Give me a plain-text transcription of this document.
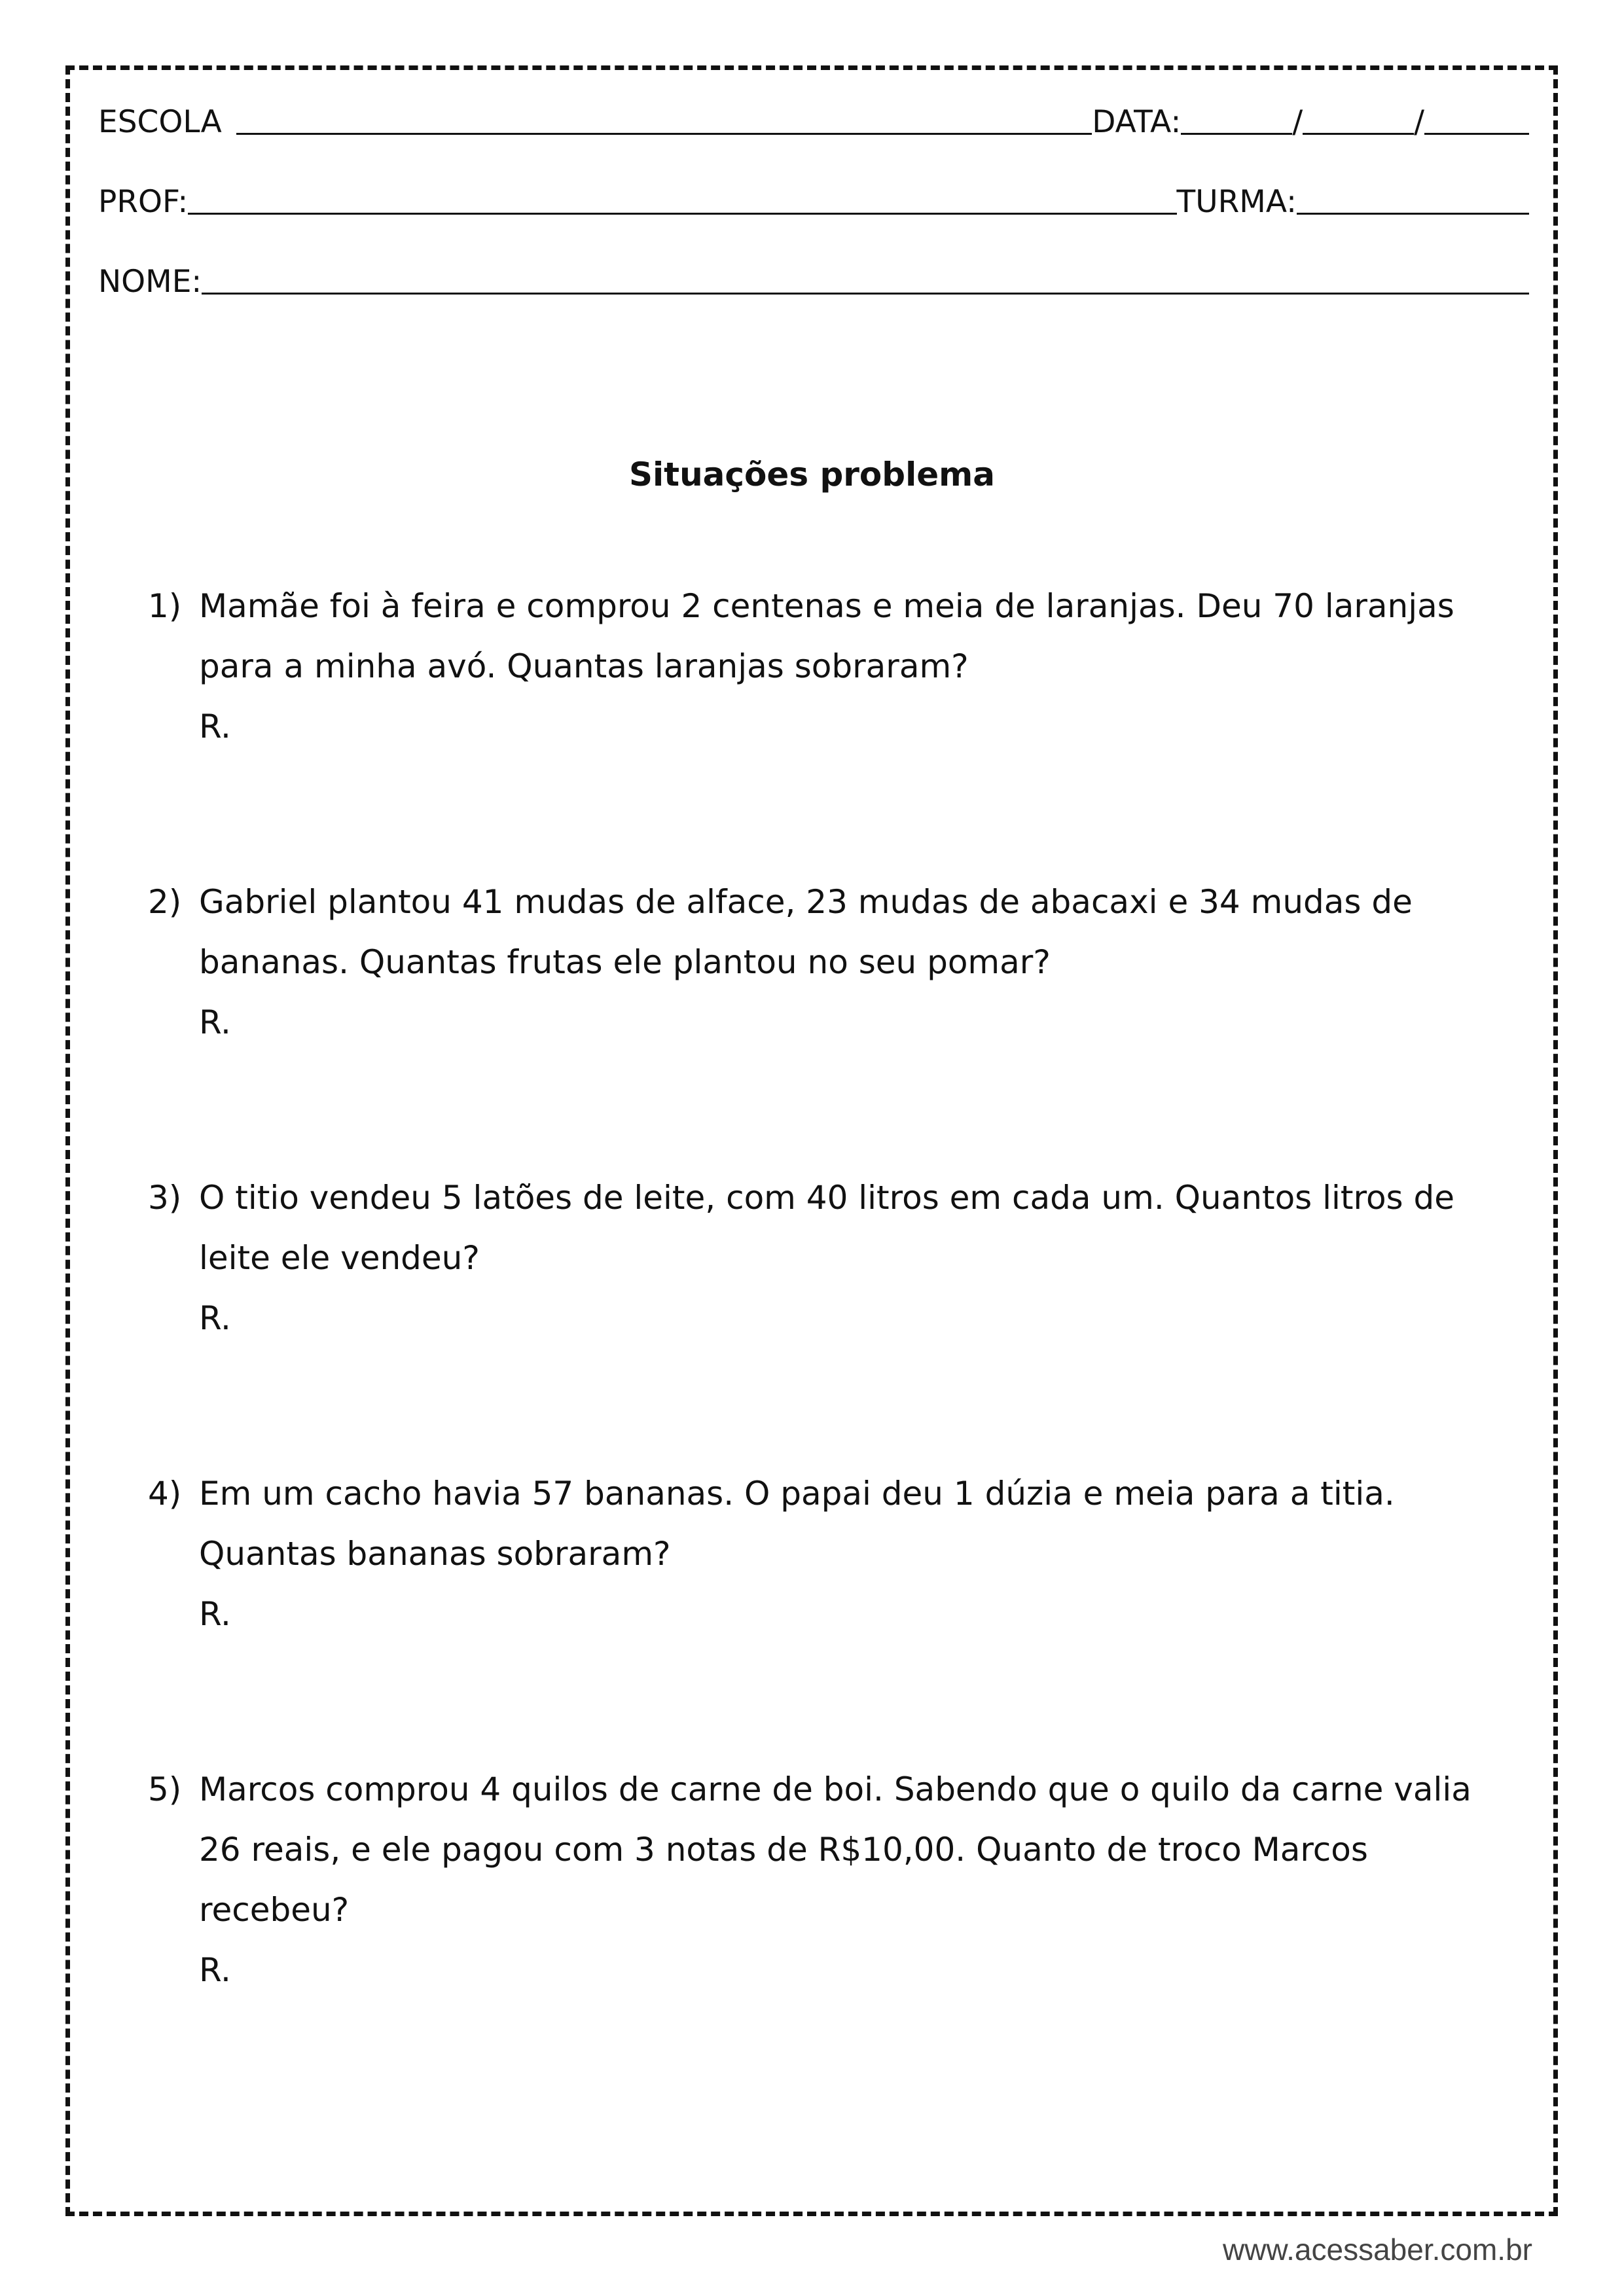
ESCOLA	DATA:	/	/
PROF:	TURMA:
NOME:
Situações problema
1) Mamãe foi à feira e comprou 2 centenas e meia de laranjas. Deu 70 laranjas para a minha avó. Quantas laranjas sobraram?
R.
2) Gabriel plantou 41 mudas de alface, 23 mudas de abacaxi e 34 mudas de bananas. Quantas frutas ele plantou no seu pomar?
R.
3) O titio vendeu 5 latões de leite, com 40 litros em cada um. Quantos litros de leite ele vendeu?
R.
4) Em um cacho havia 57 bananas. O papai deu 1 dúzia e meia para a titia. Quantas bananas sobraram?
R.
5) Marcos comprou 4 quilos de carne de boi. Sabendo que o quilo da carne valia 26 reais, e ele pagou com 3 notas de R$10,00. Quanto de troco Marcos recebeu?
R.
www.acessaber.com.br
